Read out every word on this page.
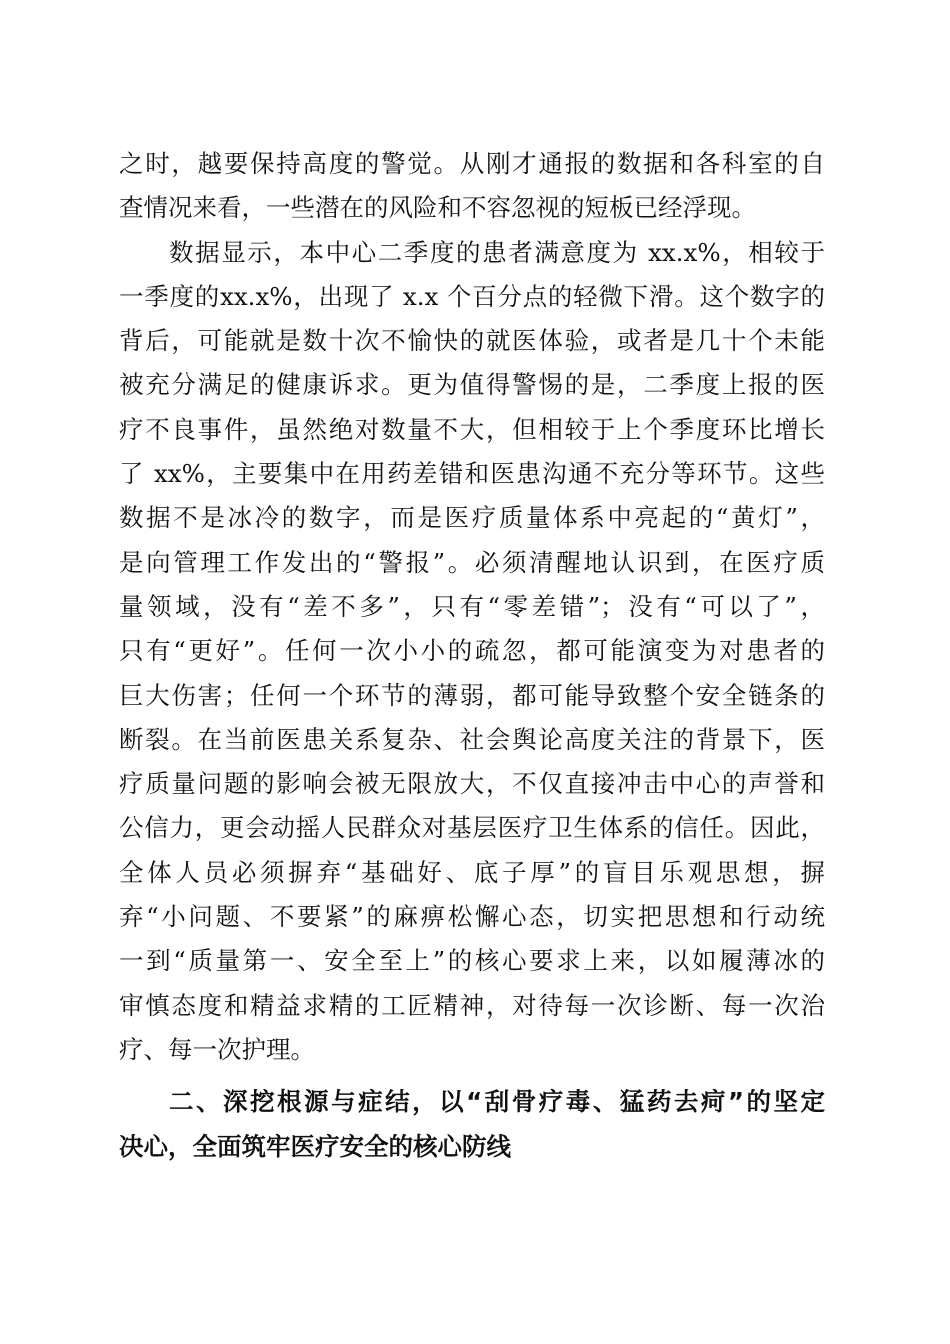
之时，越要保持高度的警觉。从刚才通报的数据和各科室的自
查情况来看，一些潜在的风险和不容忽视的短板已经浮现。
数据显示，本中心二季度的患者满意度为 xx.x%，相较于
一季度的xx.x%，出现了 x.x 个百分点的轻微下滑。这个数字的
背后，可能就是数十次不愉快的就医体验，或者是几十个未能
被充分满足的健康诉求。更为值得警惕的是，二季度上报的医
疗不良事件，虽然绝对数量不大，但相较于上个季度环比增长
了 xx%，主要集中在用药差错和医患沟通不充分等环节。这些
数据不是冰冷的数字，而是医疗质量体系中亮起的“黄灯”，
是向管理工作发出的“警报”。必须清醒地认识到，在医疗质
量领域，没有“差不多”，只有“零差错”；没有“可以了”，
只有“更好”。任何一次小小的疏忽，都可能演变为对患者的
巨大伤害；任何一个环节的薄弱，都可能导致整个安全链条的
断裂。在当前医患关系复杂、社会舆论高度关注的背景下，医
疗质量问题的影响会被无限放大，不仅直接冲击中心的声誉和
公信力，更会动摇人民群众对基层医疗卫生体系的信任。因此，
全体人员必须摒弃“基础好、底子厚”的盲目乐观思想，摒
弃“小问题、不要紧”的麻痹松懈心态，切实把思想和行动统
一到“质量第一、安全至上”的核心要求上来，以如履薄冰的
审慎态度和精益求精的工匠精神，对待每一次诊断、每一次治
疗、每一次护理。
二、深挖根源与症结，以“刮骨疗毒、猛药去疴”的坚定
决心，全面筑牢医疗安全的核心防线
